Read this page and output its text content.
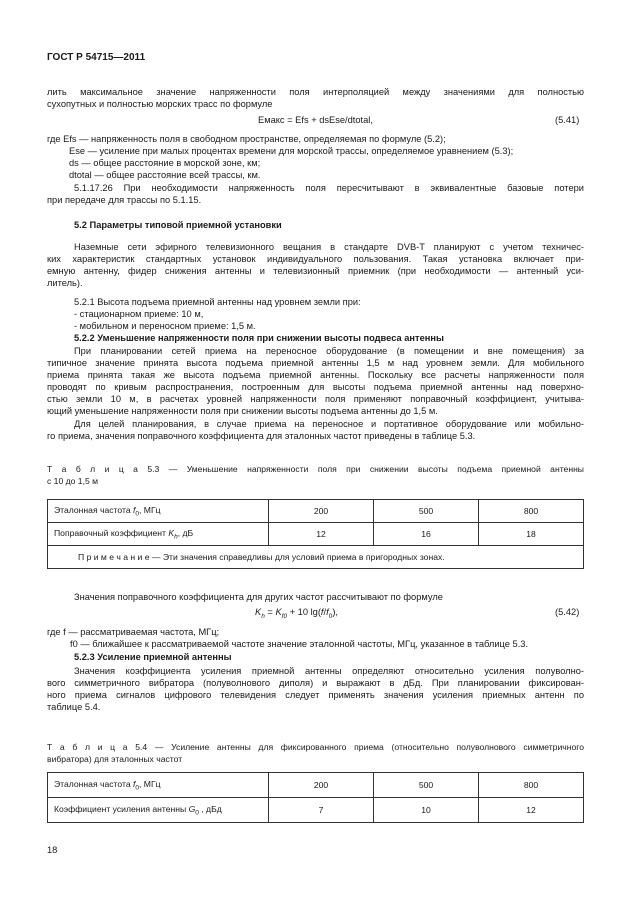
ГОСТ Р 54715—2011
лить максимальное значение напряженности поля интерполяцией между значениями для полностью
сухопутных и полностью морских трасс по формуле
Eмакс = Efs + dsEse/dtotal,	(5.41)
где Efs — напряженность поля в свободном пространстве, определяемая по формуле (5.2);
Ese — усиление при малых процентах времени для морской трассы, определяемое уравнением (5.3);
ds — общее расстояние в морской зоне, км;
dtotal — общее расстояние всей трассы, км.
5.1.17.26 При необходимости напряженность поля пересчитывают в эквивалентные базовые потери
при передаче для трассы по 5.1.15.
5.2 Параметры типовой приемной установки
Наземные сети эфирного телевизионного вещания в стандарте DVB-T планируют с учетом техничес-
ких характеристик стандартных установок индивидуального пользования. Такая установка включает при-
емную антенну, фидер снижения антенны и телевизионный приемник (при необходимости — антенный уси-
литель).
5.2.1 Высота подъема приемной антенны над уровнем земли при:
- стационарном приеме: 10 м,
- мобильном и переносном приеме: 1,5 м.
5.2.2 Уменьшение напряженности поля при снижении высоты подвеса антенны
При планировании сетей приема на переносное оборудование (в помещении и вне помещения) за
типичное значение принята высота подъема приемной антенны 1,5 м над уровнем земли. Для мобильного
приема принята такая же высота подъема приемной антенны. Поскольку все расчеты напряженности поля
проводят по кривым распространения, построенным для высоты подъема приемной антенны над поверхно-
стью земли 10 м, в расчетах уровней напряженности поля применяют поправочный коэффициент, учитыва-
ющий уменьшение напряженности поля при снижении высоты подъема антенны до 1,5 м.
Для целей планирования, в случае приема на переносное и портативное оборудование или мобильно-
го приема, значения поправочного коэффициента для эталонных частот приведены в таблице 5.3.
Т а б л и ц а 5.3 — Уменьшение напряженности поля при снижении высоты подъема приемной антенны
с 10 до 1,5 м
Эталонная частота $f_0$, МГц	200	500	800
Поправочный коэффициент $K_h$, дБ	12	16	18
П р и м е ч а н и е — Эти значения справедливы для условий приема в пригородных зонах.			
Значения поправочного коэффициента для других частот рассчитывают по формуле
$K_h = K_{f0} + 10$ $\lg(f/f_0)$,	(5.42)
где f — рассматриваемая частота, МГц;
f0 — ближайшее к рассматриваемой частоте значение эталонной частоты, МГц, указанное в таблице 5.3.
5.2.3 Усиление приемной антенны
Значения коэффициента усиления приемной антенны определяют относительно усиления полуволно-
вого симметричного вибратора (полуволнового диполя) и выражают в дБд. При планировании фиксирован-
ного приема сигналов цифрового телевидения следует применять значения усиления приемных антенн по
таблице 5.4.
Т а б л и ц а 5.4 — Усиление антенны для фиксированного приема (относительно полуволнового симметричного
вибратора) для эталонных частот
Эталонная частота $f_0$, МГц	200	500	800
Коэффициент усиления антенны $G_0$ , дБд	7	10	12
18
